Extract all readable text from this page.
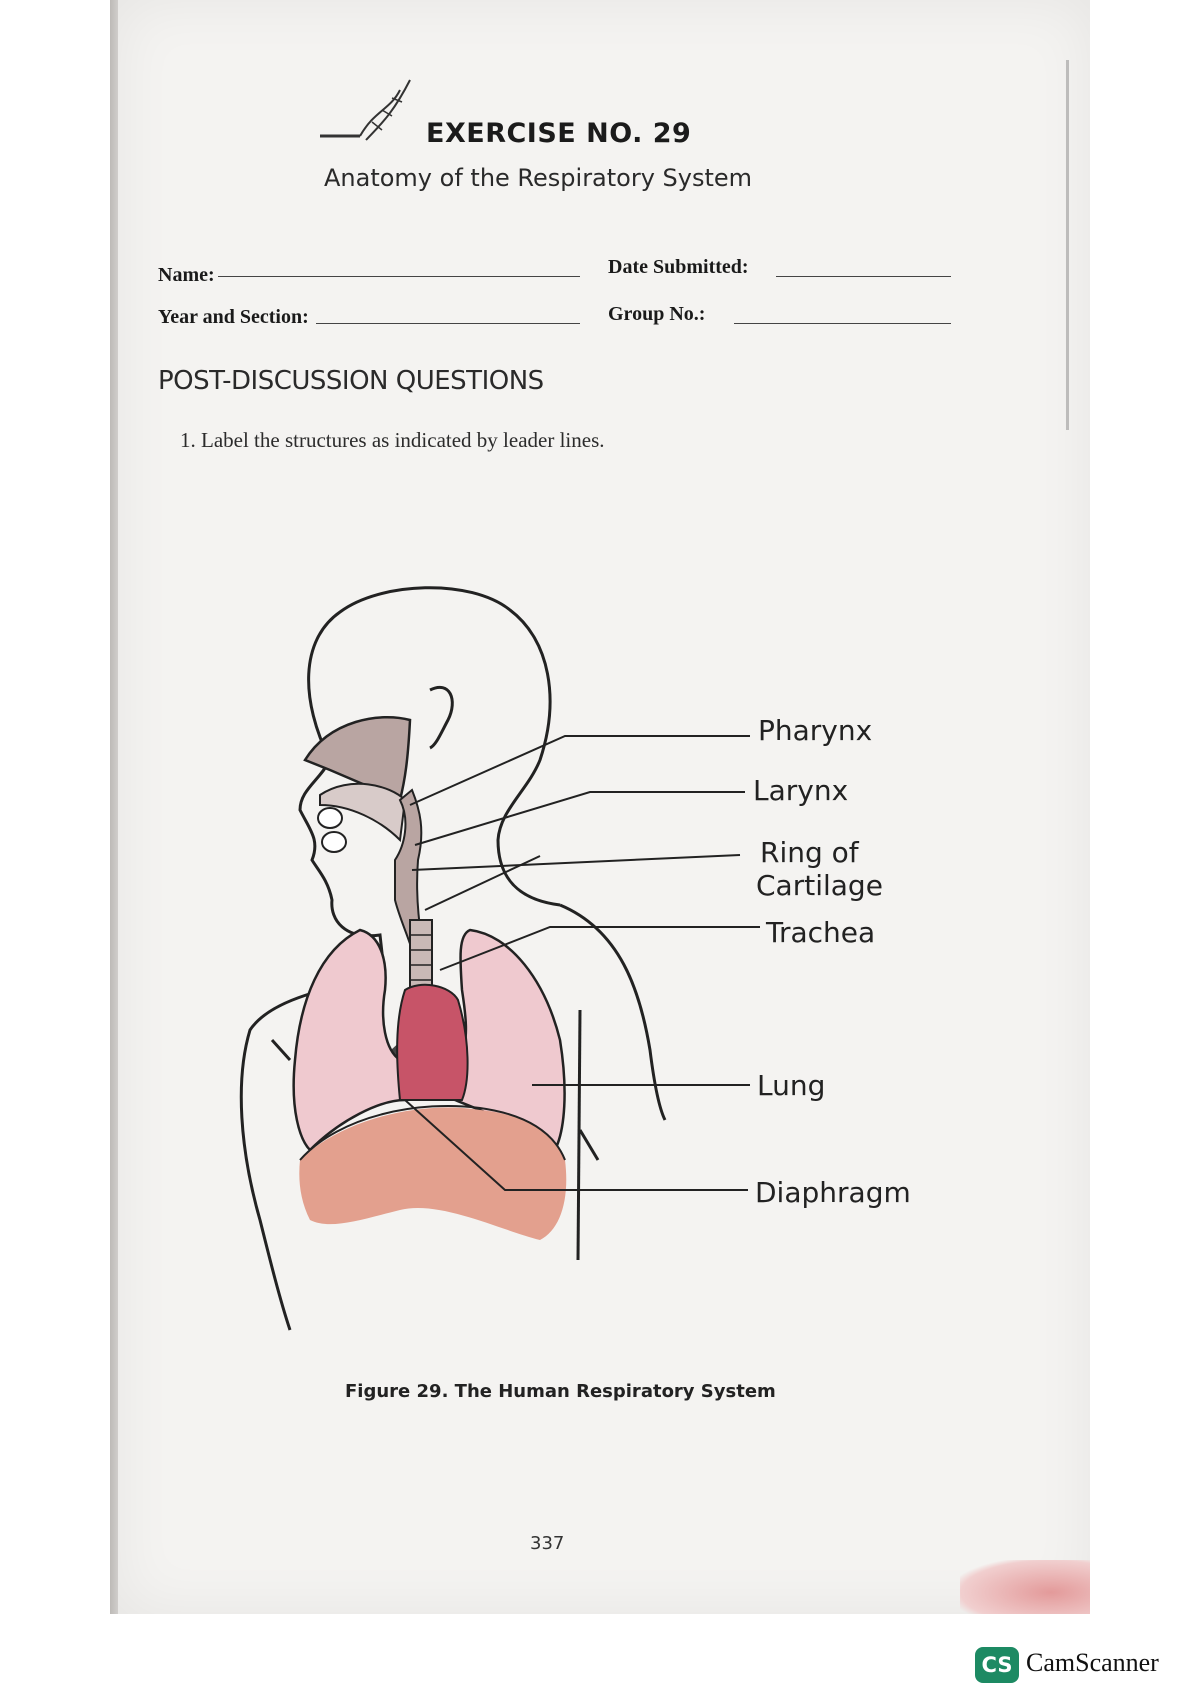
EXERCISE NO. 29
Anatomy of the Respiratory System
Name:	Date Submitted:
Year and Section:	Group No.:
POST-DISCUSSION QUESTIONS
1. Label the structures as indicated by leader lines.
Pharynx
Larynx
Ring of
Cartilage
Trachea
Lung
Diaphragm
Figure 29. The Human Respiratory System
337
CS CamScanner
